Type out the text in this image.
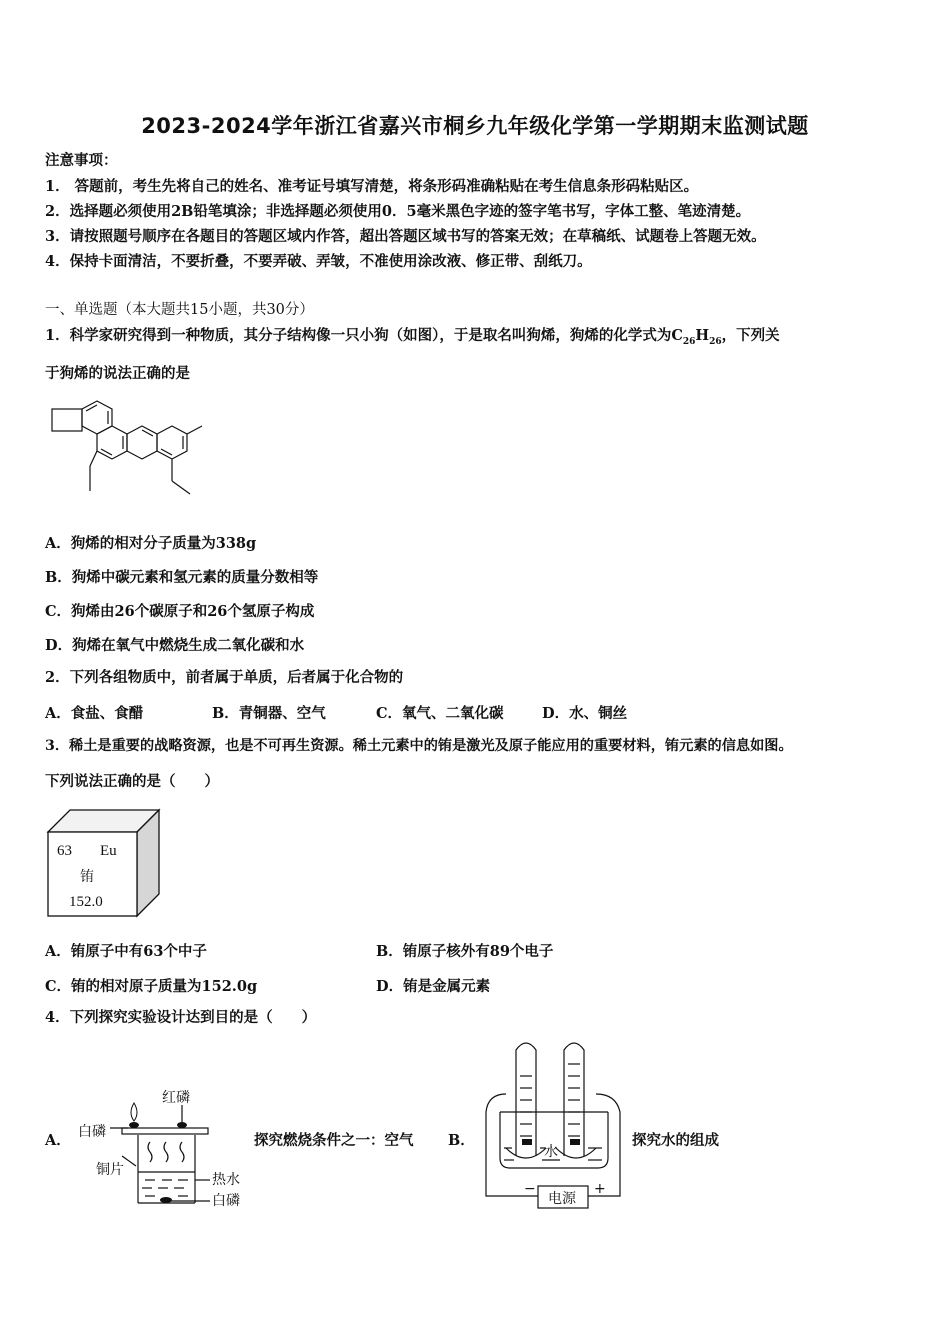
2023-2024学年浙江省嘉兴市桐乡九年级化学第一学期期末监测试题
注意事项：
1． 答题前，考生先将自己的姓名、准考证号填写清楚，将条形码准确粘贴在考生信息条形码粘贴区。
2．选择题必须使用2B铅笔填涂；非选择题必须使用0．5毫米黑色字迹的签字笔书写，字体工整、笔迹清楚。
3．请按照题号顺序在各题目的答题区域内作答，超出答题区域书写的答案无效；在草稿纸、试题卷上答题无效。
4．保持卡面清洁，不要折叠，不要弄破、弄皱，不准使用涂改液、修正带、刮纸刀。
一、单选题（本大题共15小题，共30分）
1．科学家研究得到一种物质，其分子结构像一只小狗（如图），于是取名叫狗烯，狗烯的化学式为$C_{26}H_{26}$，下列关
于狗烯的说法正确的是
A．狗烯的相对分子质量为338g
B．狗烯中碳元素和氢元素的质量分数相等
C．狗烯由26个碳原子和26个氢原子构成
D．狗烯在氧气中燃烧生成二氧化碳和水
2．下列各组物质中，前者属于单质，后者属于化合物的
A．食盐、食醋	B．青铜器、空气	C．氧气、二氧化碳	D．水、铜丝
3．稀土是重要的战略资源，也是不可再生资源。稀土元素中的铕是激光及原子能应用的重要材料，铕元素的信息如图。
下列说法正确的是（　　）
63 Eu
铕
152.0
A．铕原子中有63个中子	B．铕原子核外有89个电子
C．铕的相对原子质量为152.0g	D．铕是金属元素
4．下列探究实验设计达到目的是（　　）
A．
红磷
白磷
铜片
热水
白磷
探究燃烧条件之一：空气 B．
水
电源
−	+
探究水的组成
